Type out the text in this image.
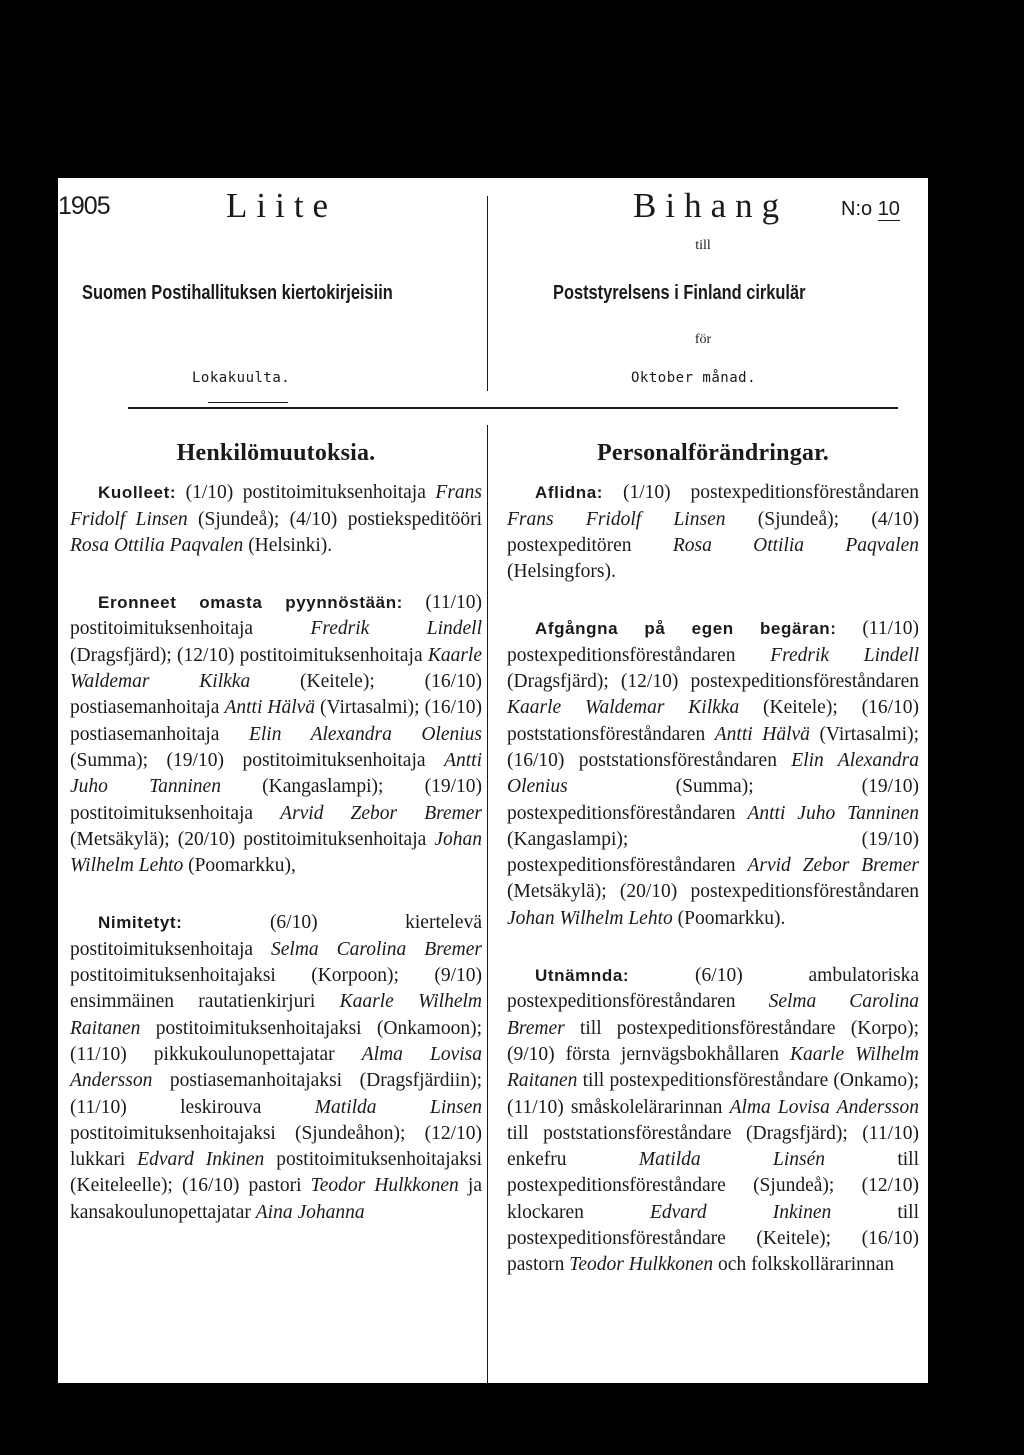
1905	Liite	Bihang	N:o 10
till
Suomen Postihallituksen kiertokirjeisiin	Poststyrelsens i Finland cirkulär
för
Lokakuulta.	Oktober månad.
Henkilömuutoksia.

Kuolleet: (1/10) postitoimituksenhoitaja Frans Fridolf Linsen (Sjundeå); (4/10) postiekspeditööri Rosa Ottilia Paqvalen (Helsinki).

Eronneet omasta pyynnöstään: (11/10) postitoimituksenhoitaja Fredrik Lindell (Dragsfjärd); (12/10) postitoimituksenhoitaja Kaarle Waldemar Kilkka (Keitele); (16/10) postiasemanhoitaja Antti Hälvä (Virtasalmi); (16/10) postiasemanhoitaja Elin Alexandra Olenius (Summa); (19/10) postitoimituksenhoitaja Antti Juho Tanninen (Kangaslampi); (19/10) postitoimituksenhoitaja Arvid Zebor Bremer (Metsäkylä); (20/10) postitoimituksenhoitaja Johan Wilhelm Lehto (Poomarkku),

Nimitetyt: (6/10) kiertelevä postitoimituksenhoitaja Selma Carolina Bremer postitoimituksenhoitajaksi (Korpoon); (9/10) ensimmäinen rautatienkirjuri Kaarle Wilhelm Raitanen postitoimituksenhoitajaksi (Onkamoon); (11/10) pikkukoulunopettajatar Alma Lovisa Andersson postiasemanhoitajaksi (Dragsfjärdiin); (11/10) leskirouva Matilda Linsen postitoimituksenhoitajaksi (Sjundeåhon); (12/10) lukkari Edvard Inkinen postitoimituksenhoitajaksi (Keiteleelle); (16/10) pastori Teodor Hulkkonen ja kansakoulunopettajatar Aina Johanna

Personalförändringar.

Aflidna: (1/10) postexpeditionsföreståndaren Frans Fridolf Linsen (Sjundeå); (4/10) postexpeditören Rosa Ottilia Paqvalen (Helsingfors).

Afgångna på egen begäran: (11/10) postexpeditionsföreståndaren Fredrik Lindell (Dragsfjärd); (12/10) postexpeditionsföreståndaren Kaarle Waldemar Kilkka (Keitele); (16/10) poststationsföreståndaren Antti Hälvä (Virtasalmi); (16/10) poststationsföreståndaren Elin Alexandra Olenius (Summa); (19/10) postexpeditionsföreståndaren Antti Juho Tanninen (Kangaslampi); (19/10) postexpeditionsföreståndaren Arvid Zebor Bremer (Metsäkylä); (20/10) postexpeditionsföreståndaren Johan Wilhelm Lehto (Poomarkku).

Utnämnda: (6/10) ambulatoriska postexpeditionsföreståndaren Selma Carolina Bremer till postexpeditionsföreståndare (Korpo); (9/10) första jernvägsbokhållaren Kaarle Wilhelm Raitanen till postexpeditionsföreståndare (Onkamo); (11/10) småskolelärarinnan Alma Lovisa Andersson till poststationsföreståndare (Dragsfjärd); (11/10) enkefru Matilda Linsén till postexpeditionsföreståndare (Sjundeå); (12/10) klockaren Edvard Inkinen till postexpeditionsföreståndare (Keitele); (16/10) pastorn Teodor Hulkkonen och folkskollärarinnan
